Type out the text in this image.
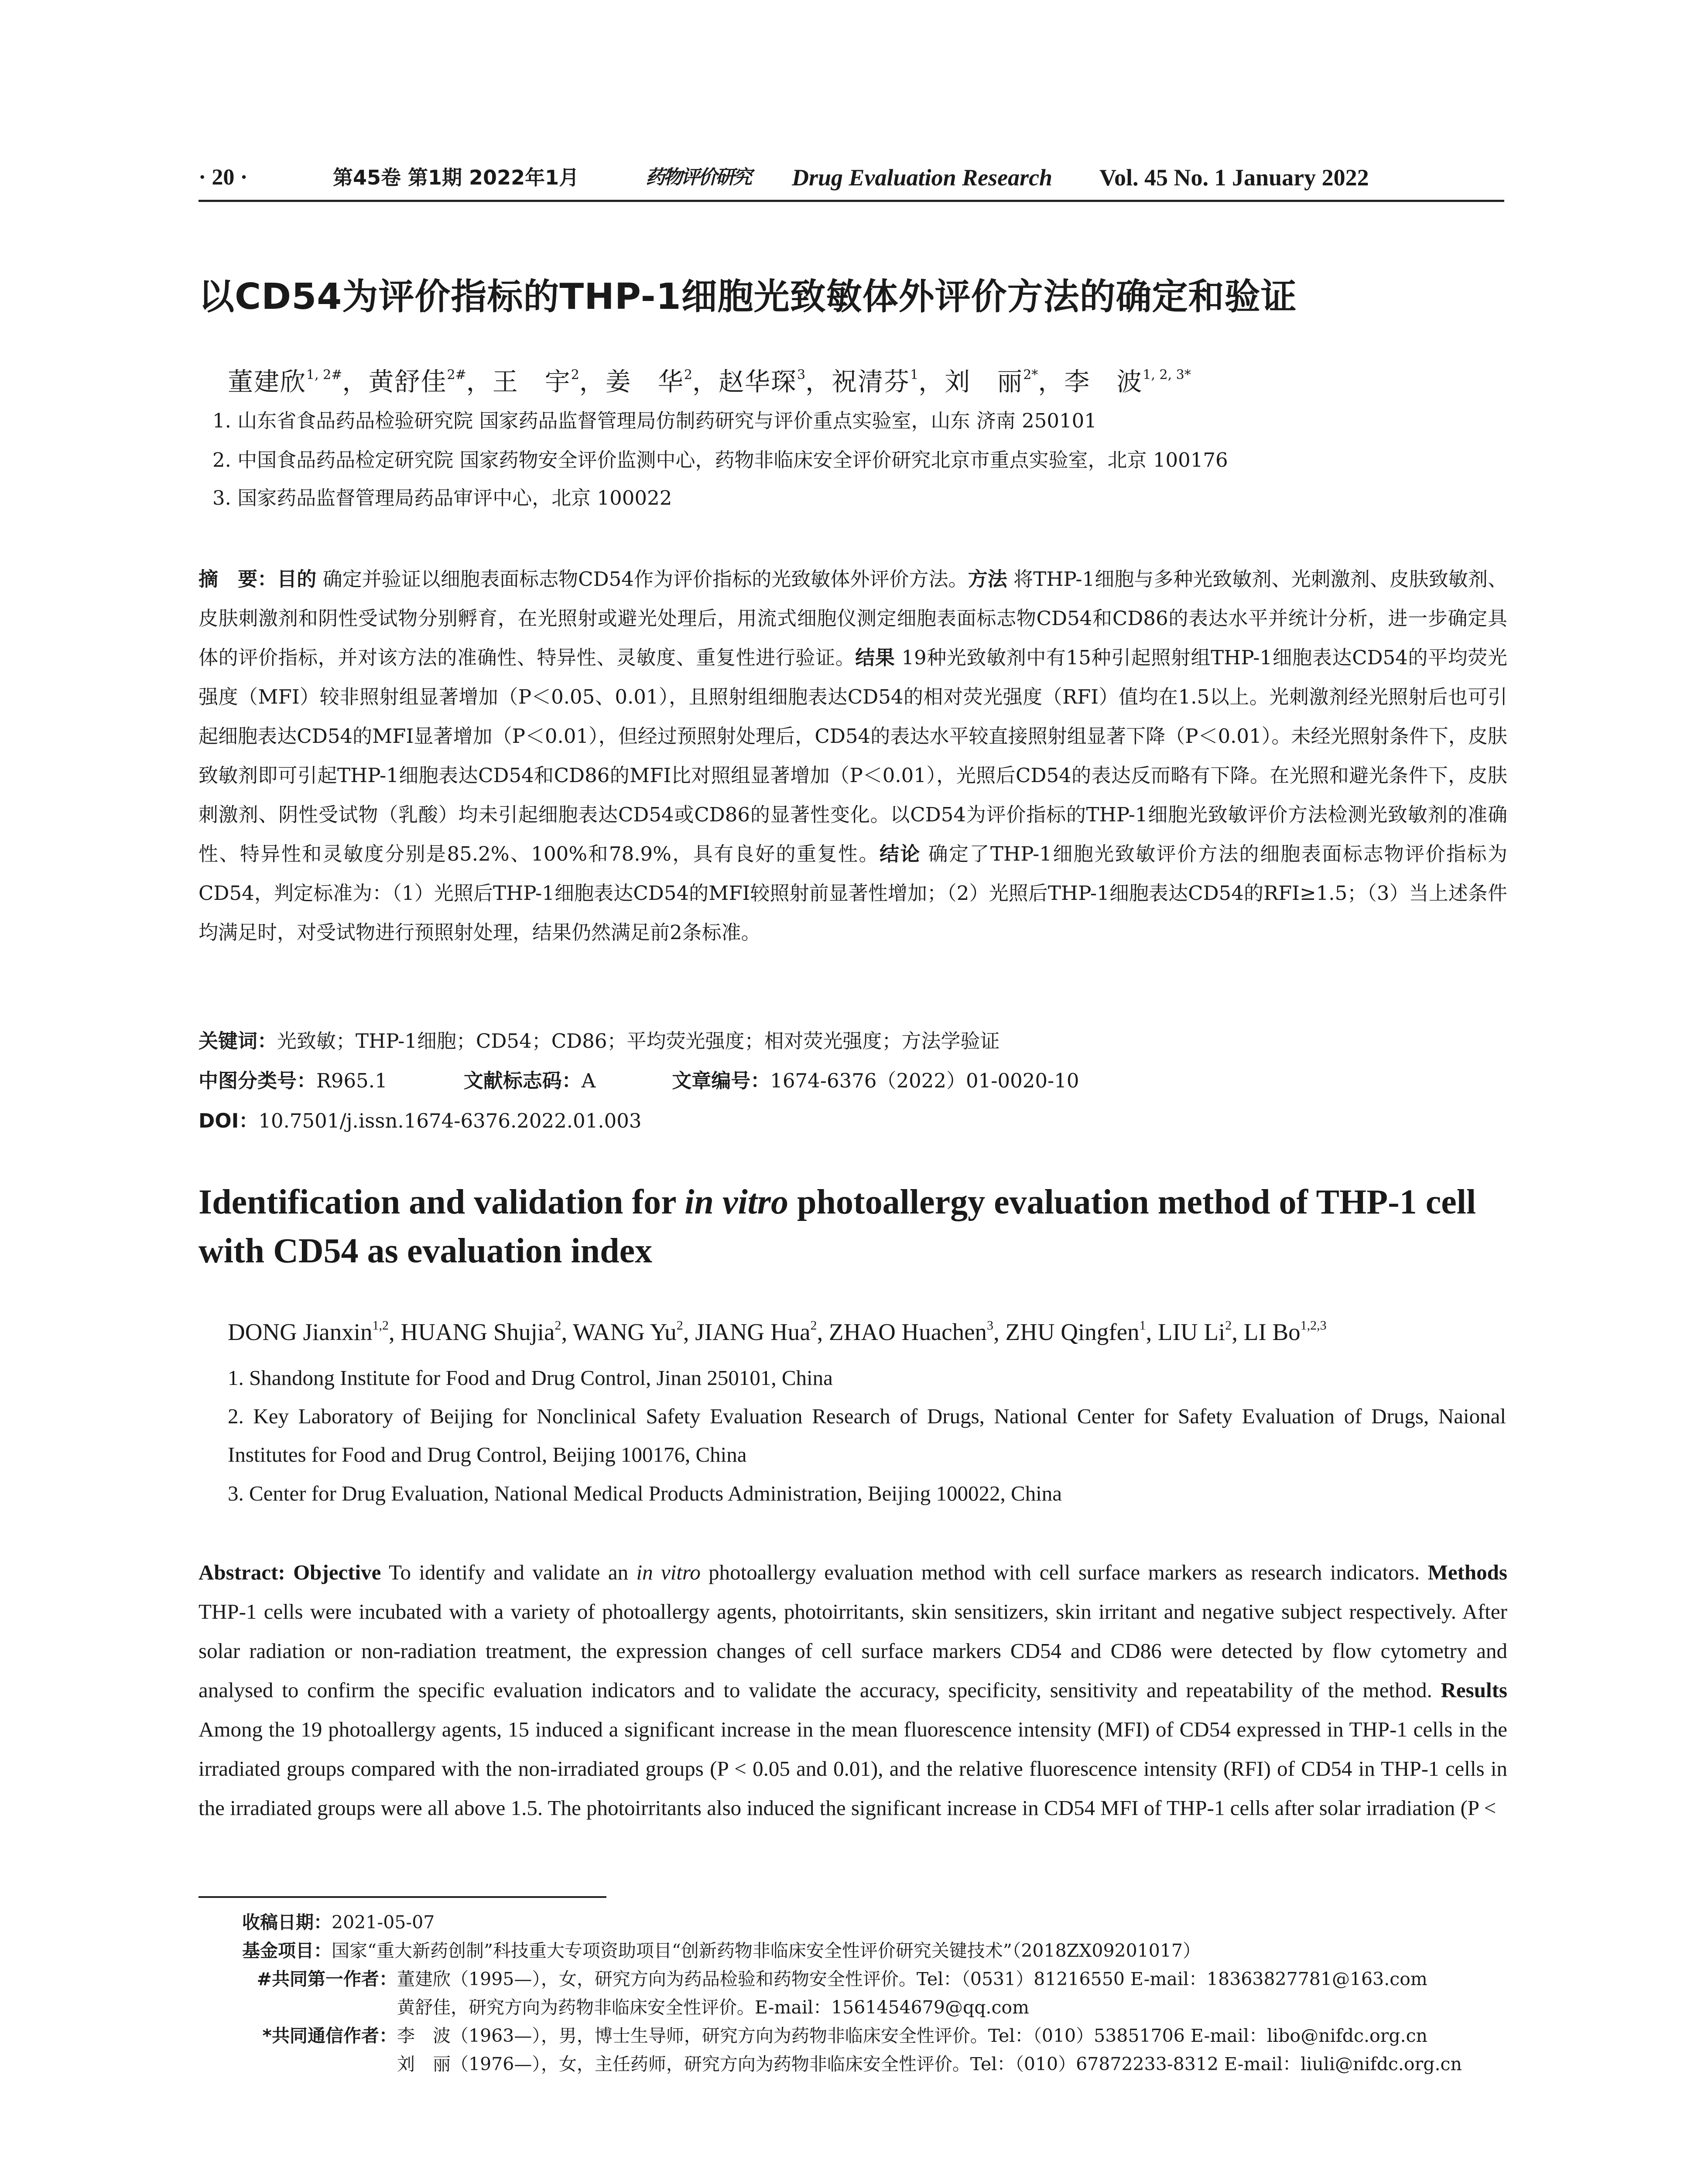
· 20 ·	第45卷 第1期 2022年1月	药物评价研究 Drug Evaluation Research Vol. 45 No. 1 January 2022
以CD54为评价指标的THP-1细胞光致敏体外评价方法的确定和验证
董建欣$^{1, 2\#}$，黄舒佳$^{2\#}$，王　宇$^2$，姜　华$^2$，赵华琛$^3$，祝清芬$^1$，刘　丽$^{2*}$，李　波$^{1, 2, 3*}$
1. 山东省食品药品检验研究院 国家药品监督管理局仿制药研究与评价重点实验室，山东 济南 250101
2. 中国食品药品检定研究院 国家药物安全评价监测中心，药物非临床安全评价研究北京市重点实验室，北京 100176
3. 国家药品监督管理局药品审评中心，北京 100022
摘　要：目的 确定并验证以细胞表面标志物CD54作为评价指标的光致敏体外评价方法。方法 将THP-1细胞与多种光致敏剂、光刺激剂、皮肤致敏剂、皮肤刺激剂和阴性受试物分别孵育，在光照射或避光处理后，用流式细胞仪测定细胞表面标志物CD54和CD86的表达水平并统计分析，进一步确定具体的评价指标，并对该方法的准确性、特异性、灵敏度、重复性进行验证。结果 19种光致敏剂中有15种引起照射组THP-1细胞表达CD54的平均荧光强度（MFI）较非照射组显著增加（P＜0.05、0.01），且照射组细胞表达CD54的相对荧光强度（RFI）值均在1.5以上。光刺激剂经光照射后也可引起细胞表达CD54的MFI显著增加（P＜0.01），但经过预照射处理后，CD54的表达水平较直接照射组显著下降（P＜0.01）。未经光照射条件下，皮肤致敏剂即可引起THP-1细胞表达CD54和CD86的MFI比对照组显著增加（P＜0.01），光照后CD54的表达反而略有下降。在光照和避光条件下，皮肤刺激剂、阴性受试物（乳酸）均未引起细胞表达CD54或CD86的显著性变化。以CD54为评价指标的THP-1细胞光致敏评价方法检测光致敏剂的准确性、特异性和灵敏度分别是85.2%、100%和78.9%，具有良好的重复性。结论 确定了THP-1细胞光致敏评价方法的细胞表面标志物评价指标为CD54，判定标准为：（1）光照后THP-1细胞表达CD54的MFI较照射前显著性增加；（2）光照后THP-1细胞表达CD54的RFI≥1.5；（3）当上述条件均满足时，对受试物进行预照射处理，结果仍然满足前2条标准。
关键词：光致敏；THP-1细胞；CD54；CD86；平均荧光强度；相对荧光强度；方法学验证
中图分类号：R965.1	文献标志码：A	文章编号：1674-6376（2022）01-0020-10
DOI：10.7501/j.issn.1674-6376.2022.01.003
Identification and validation for in vitro photoallergy evaluation method of THP-1 cell with CD54 as evaluation index
DONG Jianxin$^{1,2}$, HUANG Shujia$^2$, WANG Yu$^2$, JIANG Hua$^2$, ZHAO Huachen$^3$, ZHU Qingfen$^1$, LIU Li$^2$, LI Bo$^{1,2,3}$
1. Shandong Institute for Food and Drug Control, Jinan 250101, China
2. Key Laboratory of Beijing for Nonclinical Safety Evaluation Research of Drugs, National Center for Safety Evaluation of Drugs, Naional Institutes for Food and Drug Control, Beijing 100176, China
3. Center for Drug Evaluation, National Medical Products Administration, Beijing 100022, China
Abstract: Objective To identify and validate an in vitro photoallergy evaluation method with cell surface markers as research indicators. Methods THP-1 cells were incubated with a variety of photoallergy agents, photoirritants, skin sensitizers, skin irritant and negative subject respectively. After solar radiation or non-radiation treatment, the expression changes of cell surface markers CD54 and CD86 were detected by flow cytometry and analysed to confirm the specific evaluation indicators and to validate the accuracy, specificity, sensitivity and repeatability of the method. Results Among the 19 photoallergy agents, 15 induced a significant increase in the mean fluorescence intensity (MFI) of CD54 expressed in THP-1 cells in the irradiated groups compared with the non-irradiated groups (P < 0.05 and 0.01), and the relative fluorescence intensity (RFI) of CD54 in THP-1 cells in the irradiated groups were all above 1.5. The photoirritants also induced the significant increase in CD54 MFI of THP-1 cells after solar irradiation (P <
收稿日期： 2021-05-07
基金项目： 国家“重大新药创制”科技重大专项资助项目“创新药物非临床安全性评价研究关键技术”（2018ZX09201017）
#共同第一作者： 董建欣（1995—），女，研究方向为药品检验和药物安全性评价。Tel：（0531）81216550 E-mail：18363827781@163.com
黄舒佳，研究方向为药物非临床安全性评价。E-mail：1561454679@qq.com
*共同通信作者： 李　波（1963—），男，博士生导师，研究方向为药物非临床安全性评价。Tel：（010）53851706 E-mail：libo@nifdc.org.cn
刘　丽（1976—），女，主任药师，研究方向为药物非临床安全性评价。Tel：（010）67872233-8312 E-mail：liuli@nifdc.org.cn
